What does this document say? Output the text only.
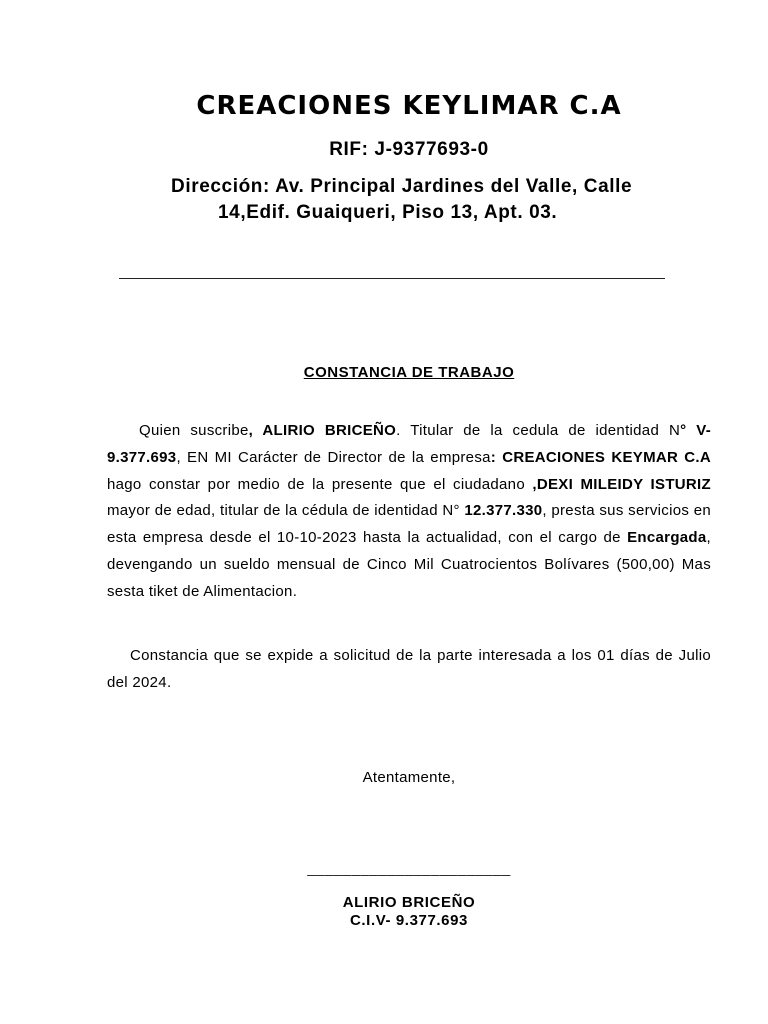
CREACIONES KEYLIMAR C.A

RIF: J-9377693-0

Dirección: Av. Principal Jardines del Valle, Calle
14,Edif. Guaiqueri, Piso 13, Apt. 03.

CONSTANCIA DE TRABAJO

Quien suscribe, ALIRIO BRICEÑO. Titular de la cedula de identidad N° V-9.377.693, EN MI Carácter de Director de la empresa: CREACIONES KEYMAR C.A hago constar por medio de la presente que el ciudadano ,DEXI MILEIDY ISTURIZ mayor de edad, titular de la cédula de identidad N° 12.377.330, presta sus servicios en esta empresa desde el 10-10-2023 hasta la actualidad, con el cargo de Encargada, devengando un sueldo mensual de Cinco Mil Cuatrocientos Bolívares (500,00) Mas sesta tiket de Alimentacion.

Constancia que se expide a solicitud de la parte interesada a los 01 días de Julio del 2024.

Atentamente,

_______________________

ALIRIO BRICEÑO

C.I.V- 9.377.693
